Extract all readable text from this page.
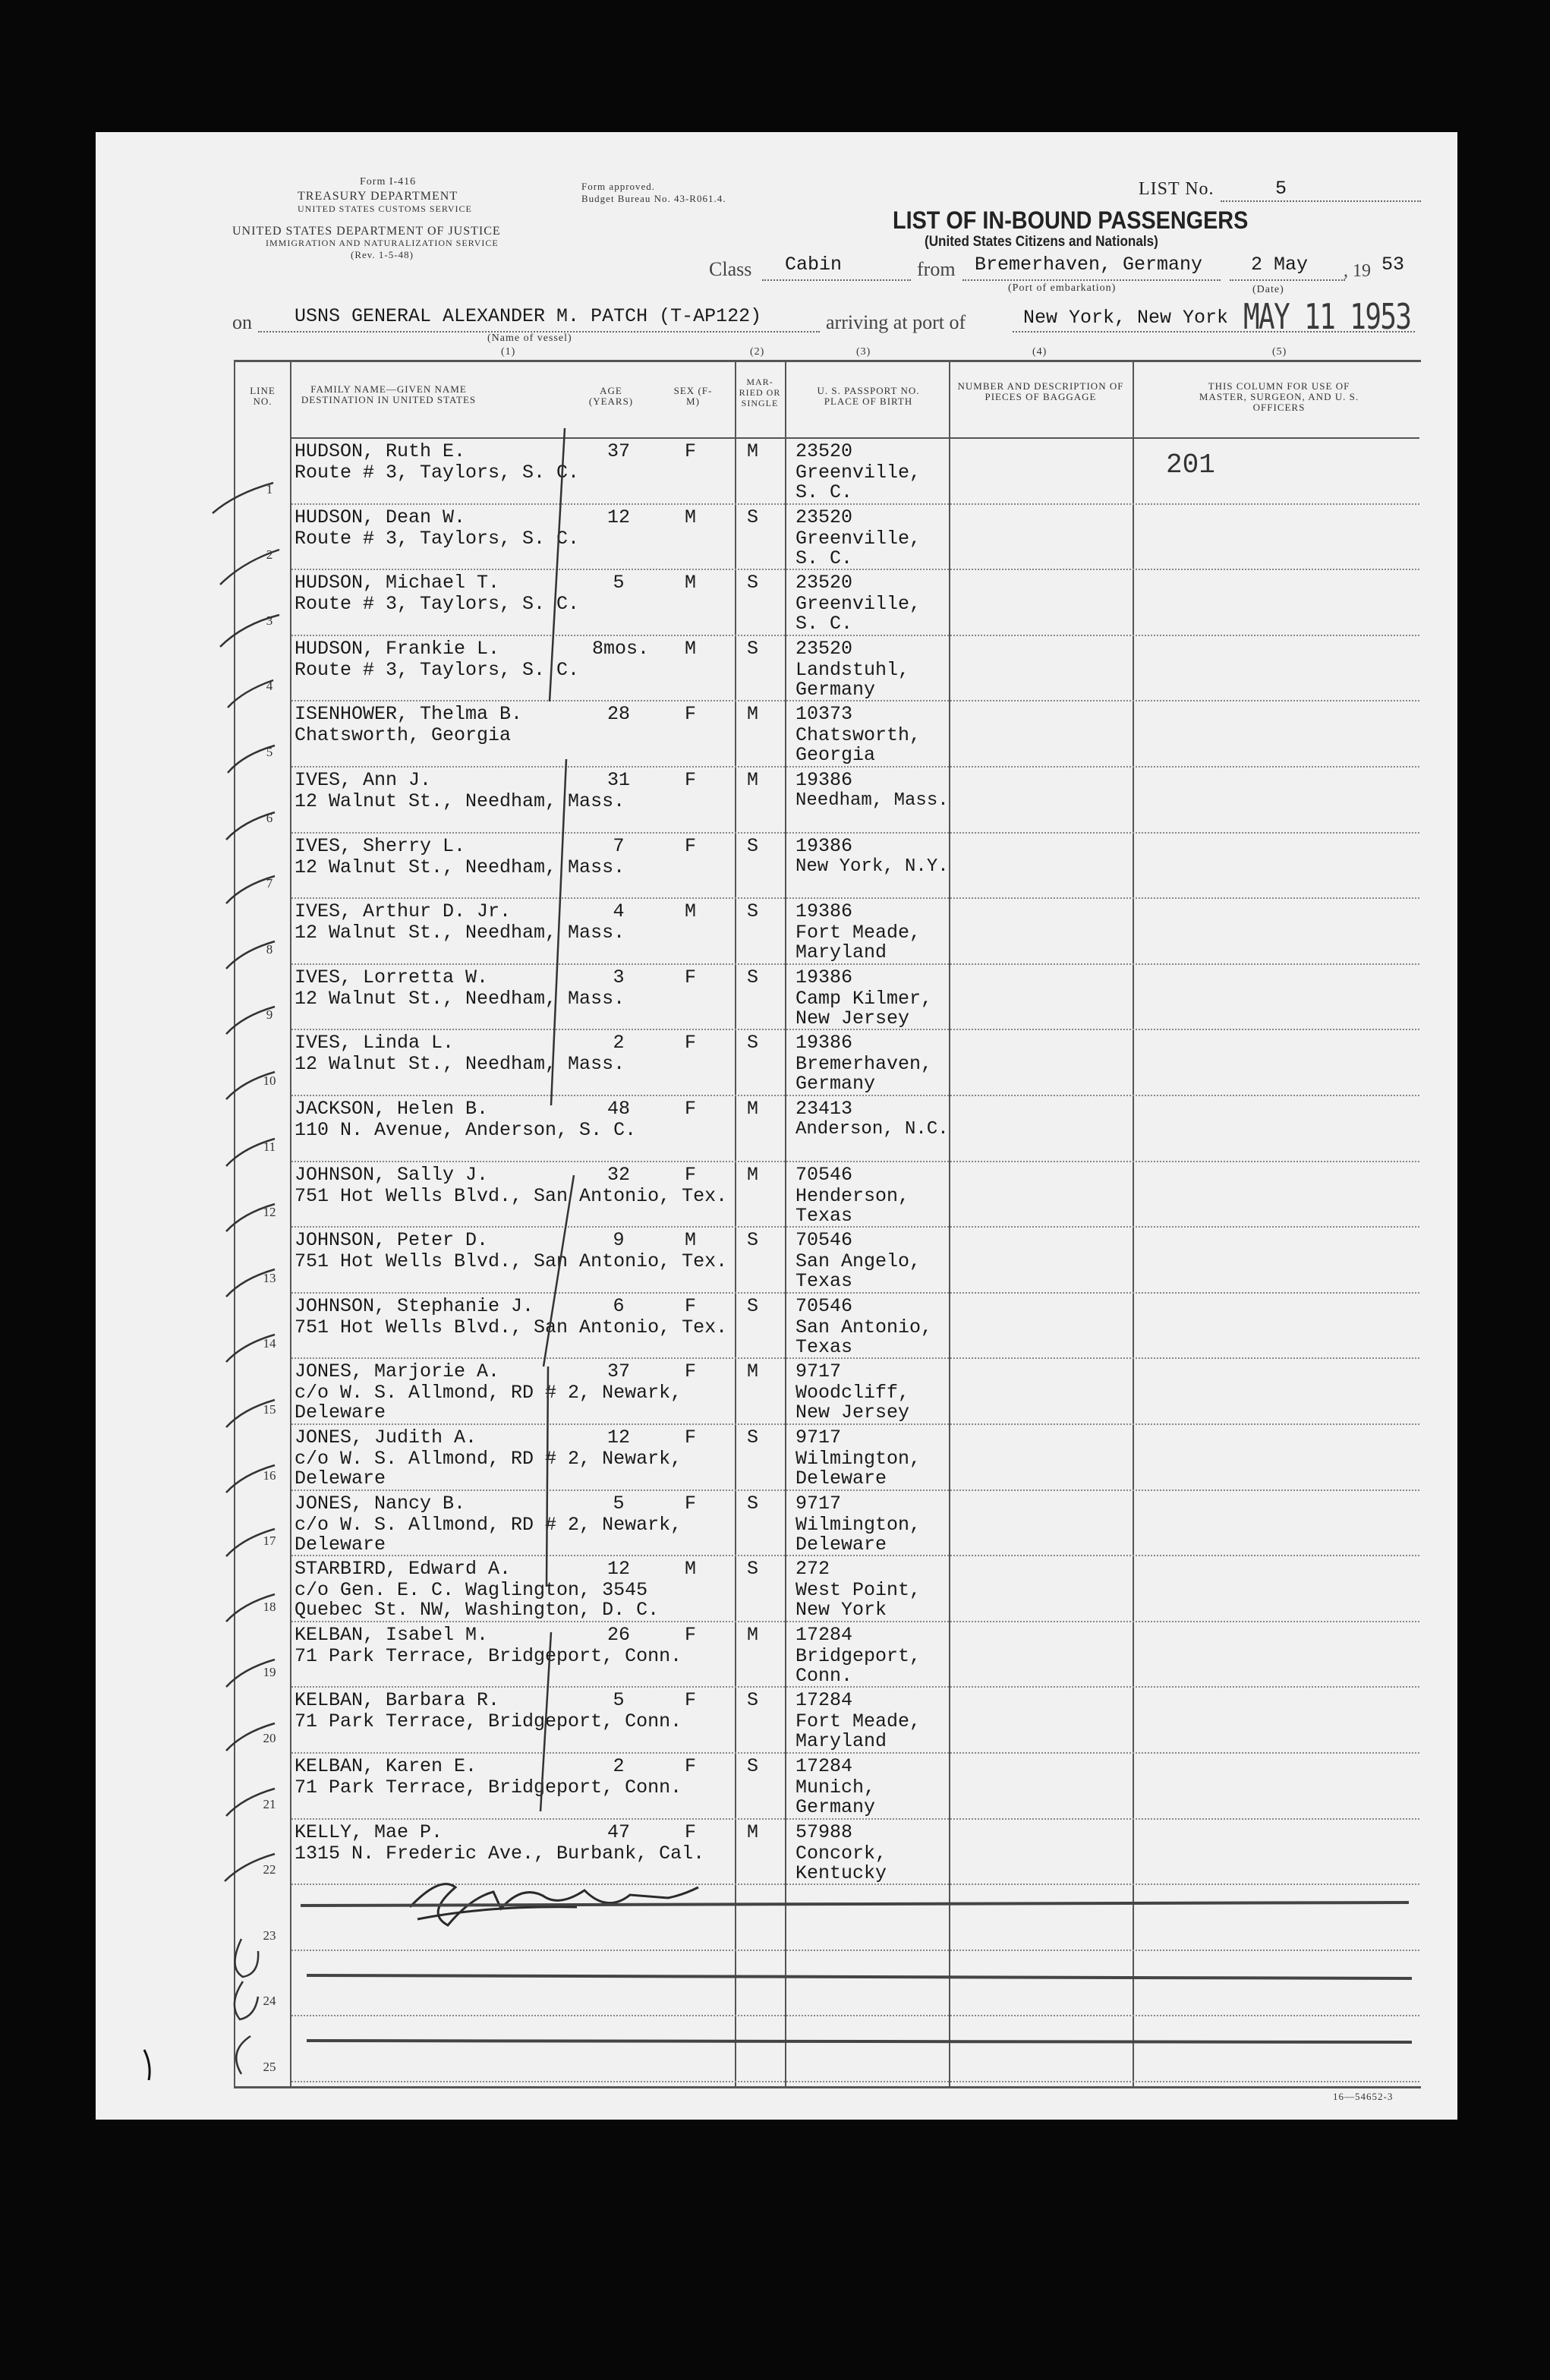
Form I-416
TREASURY DEPARTMENT
UNITED STATES CUSTOMS SERVICE
UNITED STATES DEPARTMENT OF JUSTICE
IMMIGRATION AND NATURALIZATION SERVICE
(Rev. 1-5-48)
Form approved.
Budget Bureau No. 43-R061.4.	LIST No.	5
LIST OF IN-BOUND PASSENGERS
(United States Citizens and Nationals)
Class Cabin	from Bremerhaven, Germany	2 May , 19 53
(Port of embarkation)	(Date)
on USNS GENERAL ALEXANDER M. PATCH (T-AP122)
(Name of vessel)
arriving at port of	New York, New York MAY 11 1953
(1)	(2)	(3)	(4)	(5)
LINE NO.
FAMILY NAME—GIVEN NAME DESTINATION IN UNITED STATES
AGE (YEARS)
SEX (F-M)
MAR-RIED OR SINGLE
U. S. PASSPORT NO. PLACE OF BIRTH
NUMBER AND DESCRIPTION OF PIECES OF BAGGAGE
THIS COLUMN FOR USE OF MASTER, SURGEON, AND U. S. OFFICERS
1
HUDSON, Ruth E.
Route # 3, Taylors, S. C.
37	F	M 23520
Greenville,
S. C.
2
HUDSON, Dean W.
Route # 3, Taylors, S. C.
12	M	S 23520
Greenville,
S. C.
3
HUDSON, Michael T.
Route # 3, Taylors, S. C.
5	M	S 23520
Greenville,
S. C.
4
HUDSON, Frankie L.
Route # 3, Taylors, S. C.
8mos. M	S 23520
Landstuhl,
Germany
5
ISENHOWER, Thelma B.
Chatsworth, Georgia
28	F	M 10373
Chatsworth,
Georgia
6
IVES, Ann J.
12 Walnut St., Needham, Mass.
31	F	M 19386
Needham, Mass.
7
IVES, Sherry L.
12 Walnut St., Needham, Mass.
7	F	S 19386
New York, N.Y.
8
IVES, Arthur D. Jr.
12 Walnut St., Needham, Mass.
4	M	S 19386
Fort Meade,
Maryland
9
IVES, Lorretta W.
12 Walnut St., Needham, Mass.
3	F	S 19386
Camp Kilmer,
New Jersey
10
IVES, Linda L.
12 Walnut St., Needham, Mass.
2	F	S 19386
Bremerhaven,
Germany
11
JACKSON, Helen B.
110 N. Avenue, Anderson, S. C.
48	F	M 23413
Anderson, N.C.
12
JOHNSON, Sally J.
751 Hot Wells Blvd., San Antonio, Tex.
32	F	M 70546
Henderson,
Texas
13
JOHNSON, Peter D.
751 Hot Wells Blvd., San Antonio, Tex.
9	M	S 70546
San Angelo,
Texas
14
JOHNSON, Stephanie J.
751 Hot Wells Blvd., San Antonio, Tex.
6	F	S 70546
San Antonio,
Texas
15
JONES, Marjorie A.
c/o W. S. Allmond, RD # 2, Newark,
Deleware
37	F	M 9717
Woodcliff,
New Jersey
16
JONES, Judith A.
c/o W. S. Allmond, RD # 2, Newark,
Deleware
12	F	S 9717
Wilmington,
Deleware
17
JONES, Nancy B.
c/o W. S. Allmond, RD # 2, Newark,
Deleware
5	F	S 9717
Wilmington,
Deleware
18
STARBIRD, Edward A.
c/o Gen. E. C. Waglington, 3545
Quebec St. NW, Washington, D. C.
12	M	S 272
West Point,
New York
19
KELBAN, Isabel M.
71 Park Terrace, Bridgeport, Conn.
26	F	M 17284
Bridgeport,
Conn.
20
KELBAN, Barbara R.
71 Park Terrace, Bridgeport, Conn.
5	F	S 17284
Fort Meade,
Maryland
21
KELBAN, Karen E.
71 Park Terrace, Bridgeport, Conn.
2	F	S 17284
Munich,
Germany
22
KELLY, Mae P.
1315 N. Frederic Ave., Burbank, Cal.
47	F	M 57988
Concork,
Kentucky
23
24
25
201
16—54652-3
